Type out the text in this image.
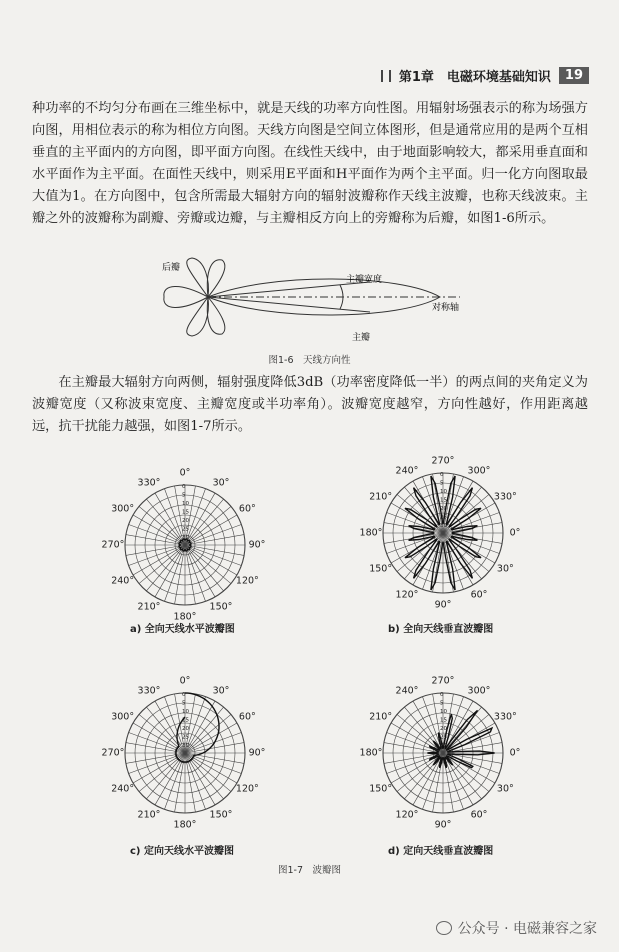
第1章　电磁环境基础知识	19

种功率的不均匀分布画在三维坐标中，就是天线的功率方向性图。用辐射场强表示的称为场强方向图，用相位表示的称为相位方向图。天线方向图是空间立体图形，但是通常应用的是两个互相垂直的主平面内的方向图，即平面方向图。在线性天线中，由于地面影响较大，都采用垂直面和水平面作为主平面。在面性天线中，则采用E平面和H平面作为两个主平面。归一化方向图取最大值为1。在方向图中，包含所需最大辐射方向的辐射波瓣称作天线主波瓣，也称天线波束。主瓣之外的波瓣称为副瓣、旁瓣或边瓣，与主瓣相反方向上的旁瓣称为后瓣，如图1-6所示。

后瓣
主瓣宽度
对称轴
主瓣
图1-6　天线方向性

在主瓣最大辐射方向两侧，辐射强度降低3dB（功率密度降低一半）的两点间的夹角定义为波瓣宽度（又称波束宽度、主瓣宽度或半功率角）。波瓣宽度越窄，方向性越好，作用距离越远，抗干扰能力越强，如图1-7所示。

0
5
10
15
20
25
30
0°
30°
60°
90°
120°
150°
180°
210°
240°
270°
300°
330°
0
5
10
15
20
25
30
270°
300°
330°
0°
30°
60°
90°
120°
150°
180°
210°
240°
0
5
10
15
20
25
30
0°
30°
60°
90°
120°
150°
180°
210°
240°
270°
300°
330°	0
5
10
15
20
25
30
270°
300°
330°
0°
30°
60°
90°
120°
150°
180°
210°
240°
a) 全向天线水平波瓣图	b) 全向天线垂直波瓣图
c) 定向天线水平波瓣图	d) 定向天线垂直波瓣图
图1-7　波瓣图
公众号 · 电磁兼容之家
